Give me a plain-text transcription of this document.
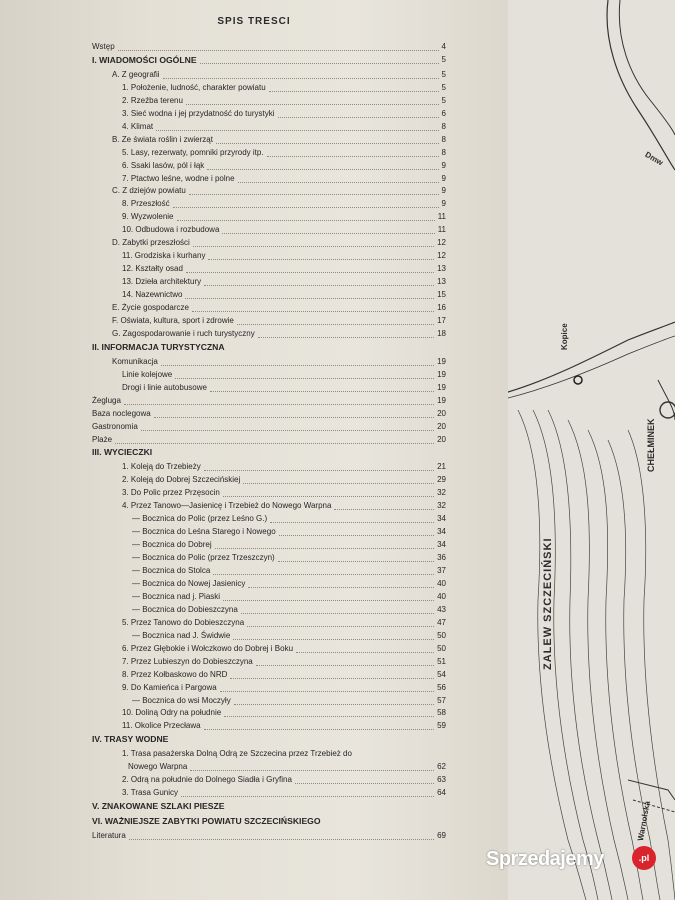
SPIS TRESCI
Wstęp	4
I. WIADOMOŚCI OGÓLNE	5
A. Z geografii	5
1. Położenie, ludność, charakter powiatu	5
2. Rzeźba terenu	5
3. Sieć wodna i jej przydatność do turystyki	6
4. Klimat	8
B. Ze świata roślin i zwierząt	8
5. Lasy, rezerwaty, pomniki przyrody itp.	8
6. Ssaki lasów, pól i łąk	9
7. Ptactwo leśne, wodne i polne	9
C. Z dziejów powiatu	9
8. Przeszłość	9
9. Wyzwolenie	11
10. Odbudowa i rozbudowa	11
D. Zabytki przeszłości	12
11. Grodziska i kurhany	12
12. Kształty osad	13
13. Dzieła architektury	13
14. Nazewnictwo	15
E. Życie gospodarcze	16
F. Oświata, kultura, sport i zdrowie	17
G. Zagospodarowanie i ruch turystyczny	18
II. INFORMACJA TURYSTYCZNA
Komunikacja	19
Linie kolejowe	19
Drogi i linie autobusowe	19
Żegluga	19
Baza noclegowa	20
Gastronomia	20
Plaże	20
III. WYCIECZKI
1. Koleją do Trzebieży	21
2. Koleją do Dobrej Szczecińskiej	29
3. Do Polic przez Przęsocin	32
4. Przez Tanowo—Jasienicę i Trzebież do Nowego Warpna	32
— Bocznica do Polic (przez Leśno G.)	34
— Bocznica do Leśna Starego i Nowego	34
— Bocznica do Dobrej	34
— Bocznica do Polic (przez Trzeszczyn)	36
— Bocznica do Stolca	37
— Bocznica do Nowej Jasienicy	40
— Bocznica nad j. Piaski	40
— Bocznica do Dobieszczyna	43
5. Przez Tanowo do Dobieszczyna	47
— Bocznica nad J. Świdwie	50
6. Przez Głębokie i Wołczkowo do Dobrej i Boku	50
7. Przez Lubieszyn do Dobieszczyna	51
8. Przez Kołbaskowo do NRD	54
9. Do Kamieńca i Pargowa	56
— Bocznica do wsi Moczyły	57
10. Doliną Odry na południe	58
11. Okolice Przecława	59
IV. TRASY WODNE
1. Trasa pasażerska Dolną Odrą ze Szczecina przez Trzebież do
Nowego Warpna	62
2. Odrą na południe do Dolnego Siadła i Gryfina	63
3. Trasa Gunicy	64
V. ZNAKOWANE SZLAKI PIESZE
VI. WAŻNIEJSZE ZABYTKI POWIATU SZCZECIŃSKIEGO
Literatura	69
Kopice
CHEŁMINEK
ZALEW SZCZECIŃSKI
Warnolska
Dmw
Sprzedajemy	.pl
